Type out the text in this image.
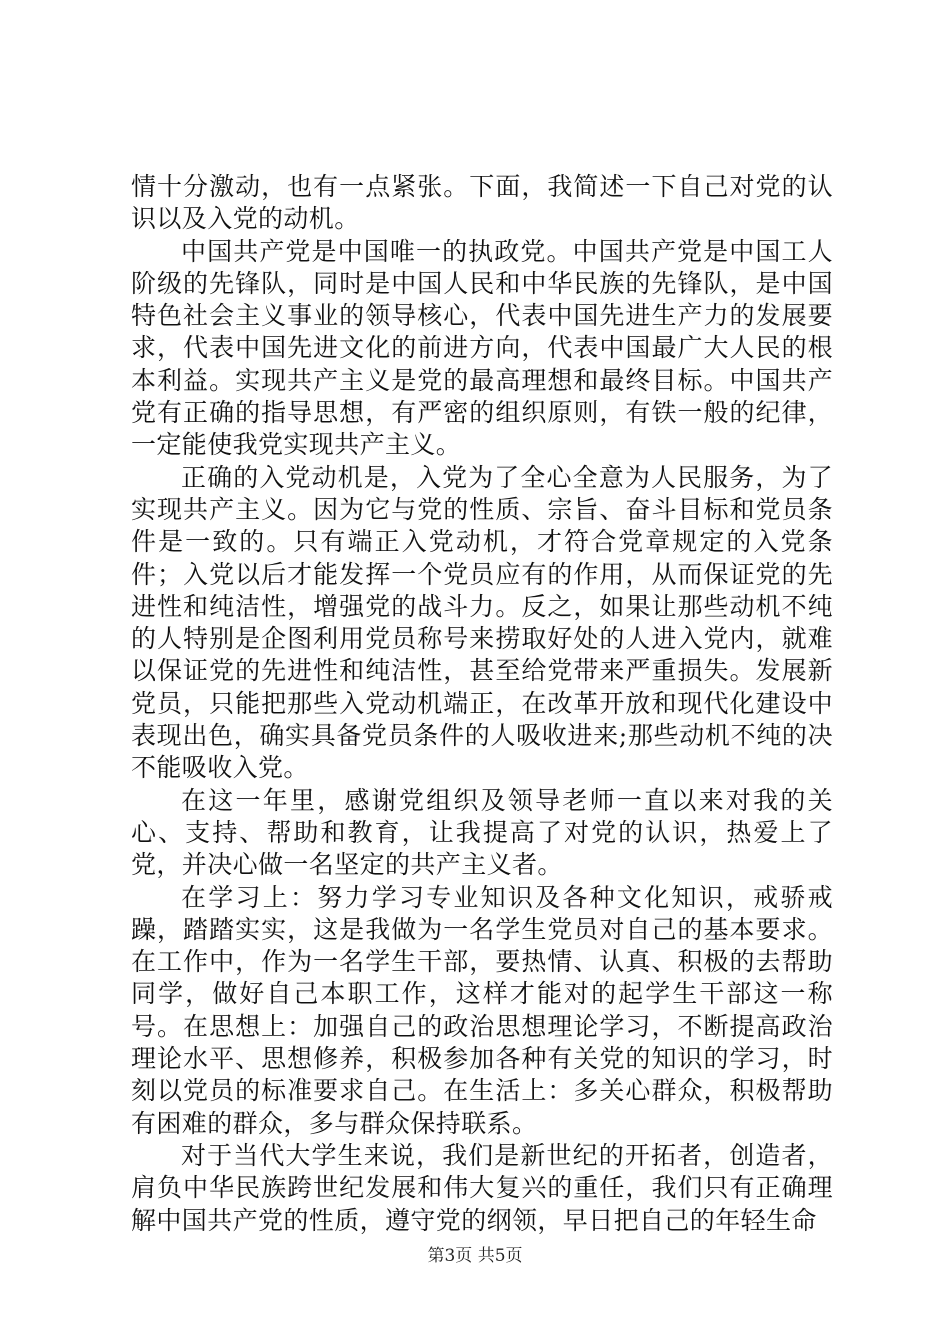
情十分激动，也有一点紧张。下面，我简述一下自己对党的认识以及入党的动机。

中国共产党是中国唯一的执政党。中国共产党是中国工人阶级的先锋队，同时是中国人民和中华民族的先锋队，是中国特色社会主义事业的领导核心，代表中国先进生产力的发展要求，代表中国先进文化的前进方向，代表中国最广大人民的根本利益。实现共产主义是党的最高理想和最终目标。中国共产党有正确的指导思想，有严密的组织原则，有铁一般的纪律，一定能使我党实现共产主义。

正确的入党动机是，入党为了全心全意为人民服务，为了实现共产主义。因为它与党的性质、宗旨、奋斗目标和党员条件是一致的。只有端正入党动机，才符合党章规定的入党条件；入党以后才能发挥一个党员应有的作用，从而保证党的先进性和纯洁性，增强党的战斗力。反之，如果让那些动机不纯的人特别是企图利用党员称号来捞取好处的人进入党内，就难以保证党的先进性和纯洁性，甚至给党带来严重损失。发展新党员，只能把那些入党动机端正，在改革开放和现代化建设中表现出色，确实具备党员条件的人吸收进来;那些动机不纯的决不能吸收入党。

在这一年里，感谢党组织及领导老师一直以来对我的关心、支持、帮助和教育，让我提高了对党的认识，热爱上了党，并决心做一名坚定的共产主义者。

在学习上：努力学习专业知识及各种文化知识，戒骄戒躁，踏踏实实，这是我做为一名学生党员对自己的基本要求。在工作中，作为一名学生干部，要热情、认真、积极的去帮助同学，做好自己本职工作，这样才能对的起学生干部这一称号。在思想上：加强自己的政治思想理论学习，不断提高政治理论水平、思想修养，积极参加各种有关党的知识的学习，时刻以党员的标准要求自己。在生活上：多关心群众，积极帮助有困难的群众，多与群众保持联系。

对于当代大学生来说，我们是新世纪的开拓者，创造者，肩负中华民族跨世纪发展和伟大复兴的重任，我们只有正确理解中国共产党的性质，遵守党的纲领，早日把自己的年轻生命

第3页 共5页
